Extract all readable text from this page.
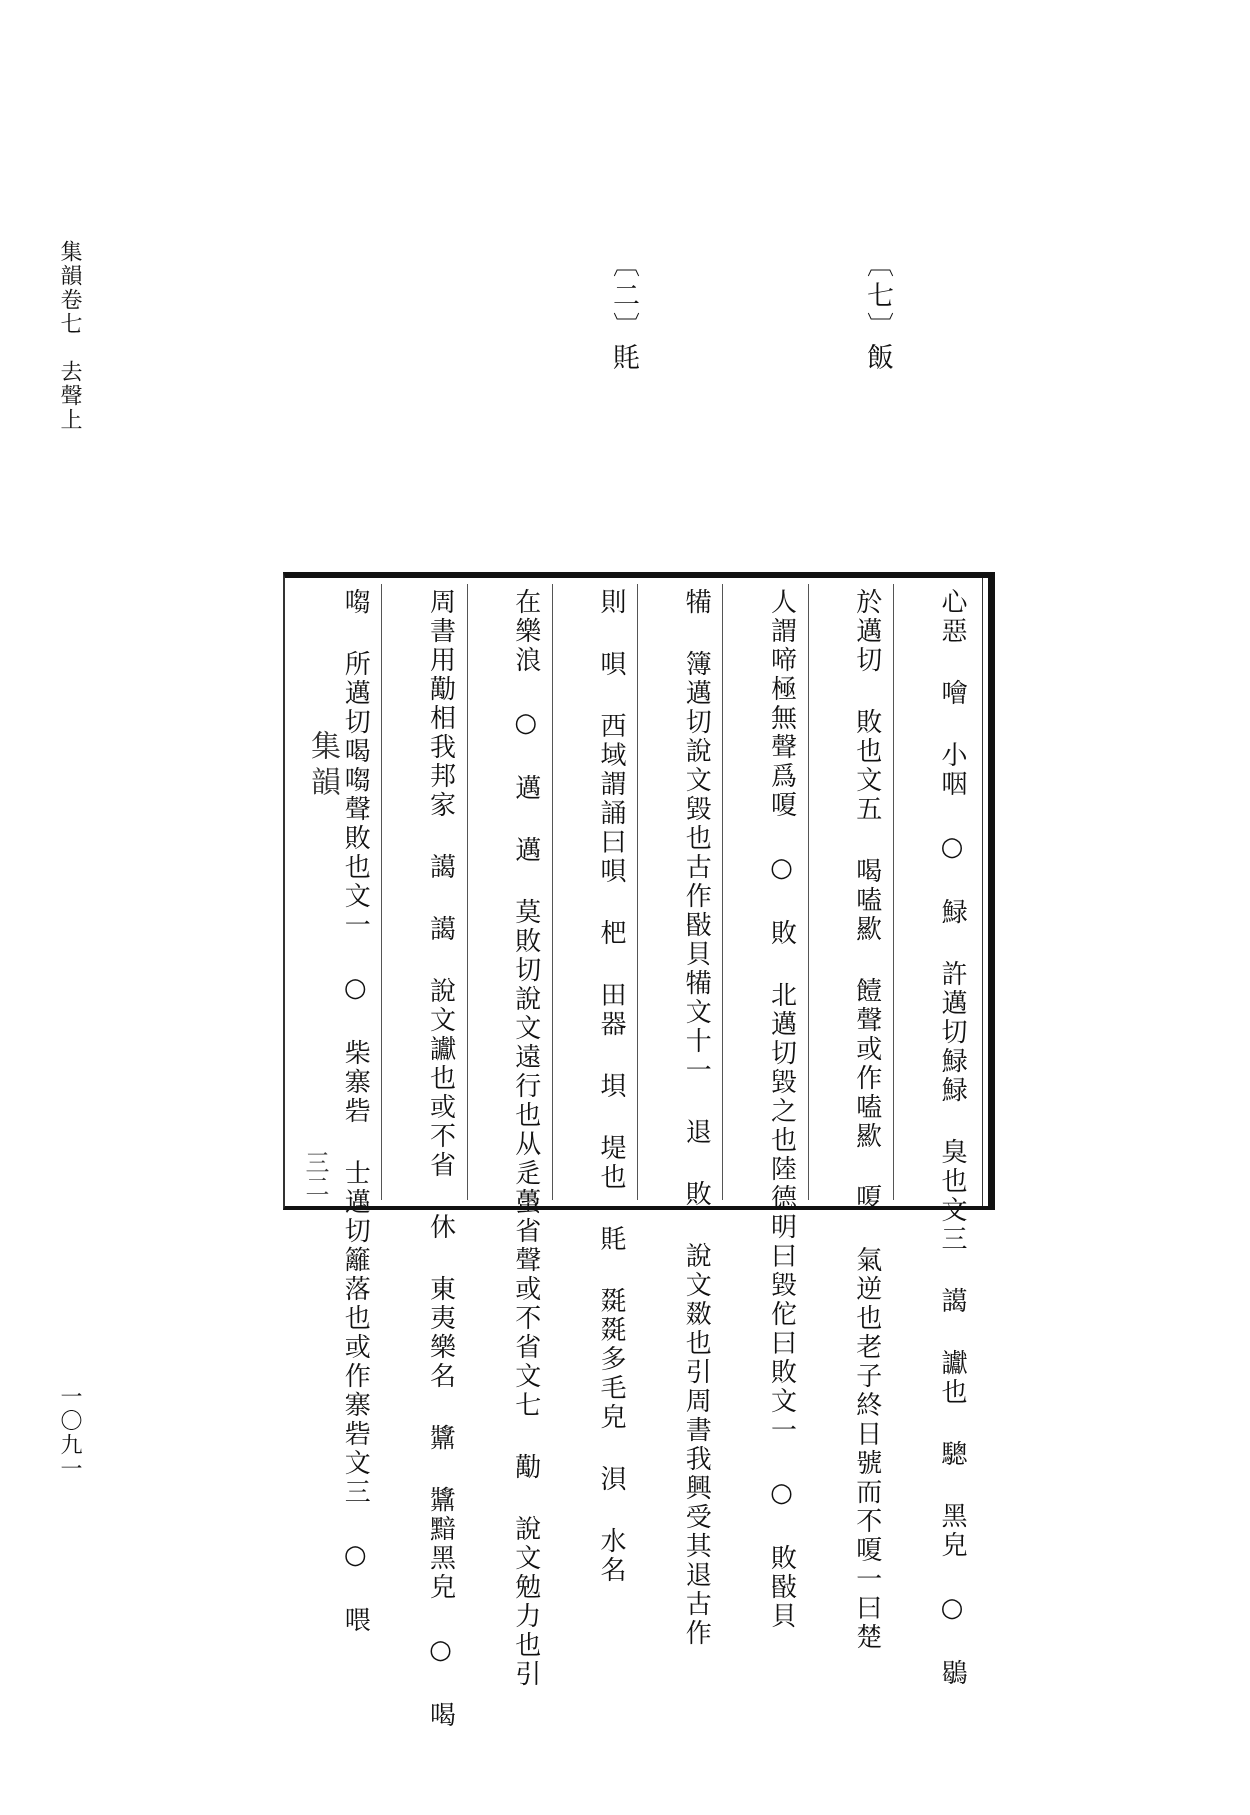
集韻卷七　去聲上
一〇九一
〔七〕飯
〔二〕㲘
心惡 噲 小咽 ○ 䱚 許邁切䱚䱚 臭也文三 譪 讞也 驄 黑皃 ○ 鶡
於邁切 敗也文五 喝嗑歞 饐聲或作嗑歞 嗄 氣逆也老子終日號而不嗄一曰楚
人謂啼極無聲爲嗄 ○ 敗 北邁切毀之也陸德明曰毀佗曰敗文一 ○ 敗敯貝
犕 簿邁切說文毀也古作敯貝犕文十一 退 敗 說文敪也引周書我興受其退古作
則 唄 西域謂誦曰唄 杷 田器 垻 堤也 㲘 毲毲多毛皃 浿 水名
在樂浪 ○ 邁 邁 莫敗切說文遠行也从辵蠆省聲或不省文七 勱 說文勉力也引
周書用勱相我邦家 譪 譪 說文讞也或不省 休 東夷樂名 䵼 䵼黯黑皃 ○ 喝
㗙 所邁切喝㗙聲敗也文一 ○ 柴寨砦 士邁切籬落也或作寨砦文三 ○ 喂
集韻
三二
